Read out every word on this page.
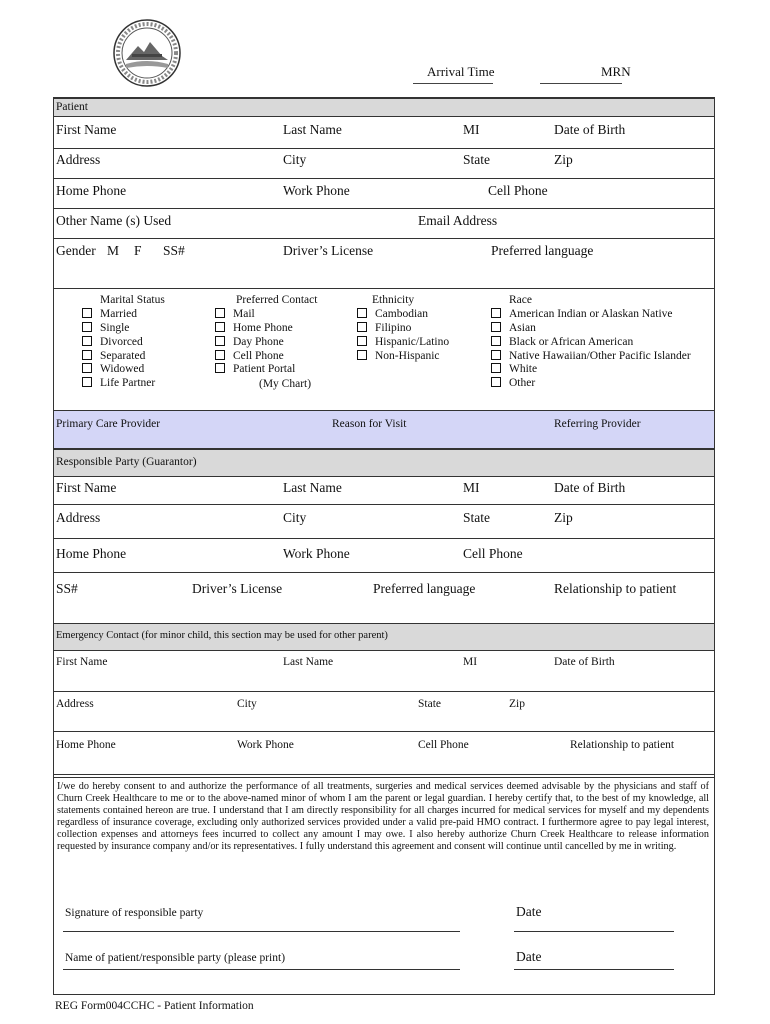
Arrival Time	MRN
Patient
First Name	Last Name	MI	Date of Birth
Address	City	State	Zip
Home Phone	Work Phone	Cell Phone
Other Name (s) Used	Email Address
Gender M F SS#	Driver’s License	Preferred language
Marital Status
Married
Single
Divorced
Separated
Widowed
Life Partner
Preferred Contact
Mail
Home Phone
Day Phone
Cell Phone
Patient Portal
(My Chart)
Ethnicity
Cambodian
Filipino
Hispanic/Latino
Non-Hispanic
Race
American Indian or Alaskan Native
Asian
Black or African American
Native Hawaiian/Other Pacific Islander
White
Other
Primary Care Provider	Reason for Visit	Referring Provider
Responsible Party (Guarantor)
First Name	Last Name	MI	Date of Birth
Address	City	State	Zip
Home Phone	Work Phone	Cell Phone
SS#	Driver’s License	Preferred language	Relationship to patient
Emergency Contact (for minor child, this section may be used for other parent)
First Name	Last Name	MI	Date of Birth
Address	City	State	Zip
Home Phone	Work Phone	Cell Phone	Relationship to patient
I/we do hereby consent to and authorize the performance of all treatments, surgeries and medical services deemed advisable by the physicians and staff of Churn Creek Healthcare to me or to the above-named minor of whom I am the parent or legal guardian. I hereby certify that, to the best of my knowledge, all statements contained hereon are true. I understand that I am directly responsibility for all charges incurred for medical services for myself and my dependents regardless of insurance coverage, excluding only authorized services provided under a valid pre-paid HMO contract. I furthermore agree to pay legal interest, collection expenses and attorneys fees incurred to collect any amount I may owe. I also hereby authorize Churn Creek Healthcare to release information requested by insurance company and/or its representatives. I fully understand this agreement and consent will continue until cancelled by me in writing.
Signature of responsible party	Date
Name of patient/responsible party (please print)	Date
REG Form004CCHC - Patient Information
